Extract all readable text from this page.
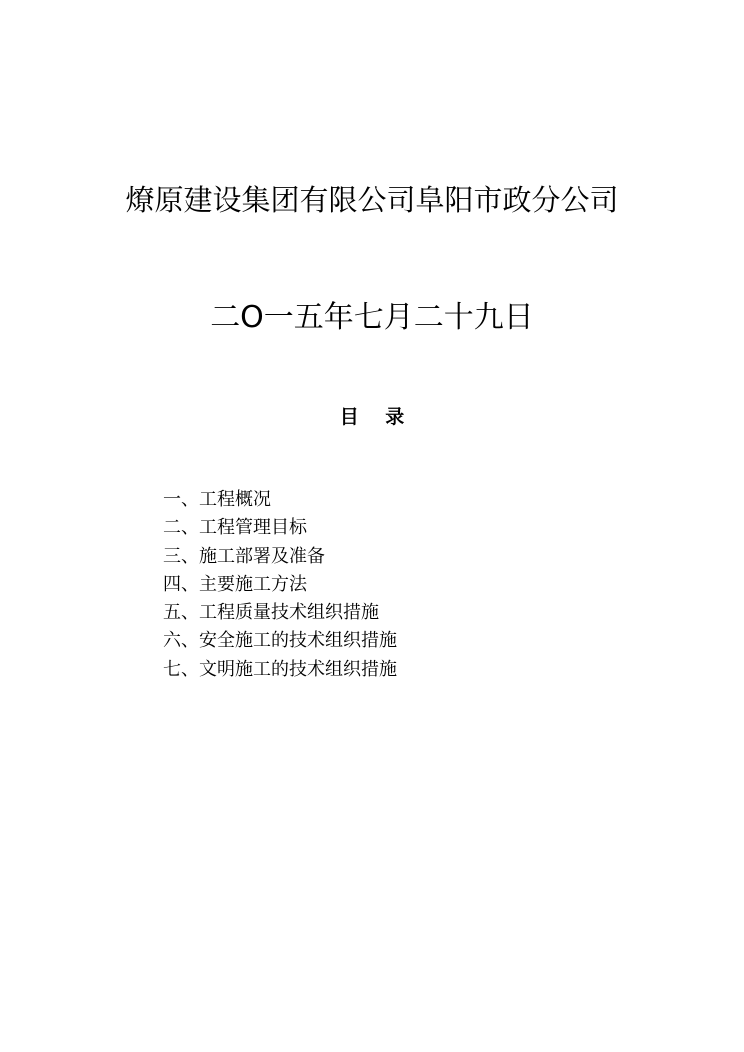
燎原建设集团有限公司阜阳市政分公司
二O一五年七月二十九日
目 录
一、工程概况
二、工程管理目标
三、施工部署及准备
四、主要施工方法
五、工程质量技术组织措施
六、安全施工的技术组织措施
七、文明施工的技术组织措施
